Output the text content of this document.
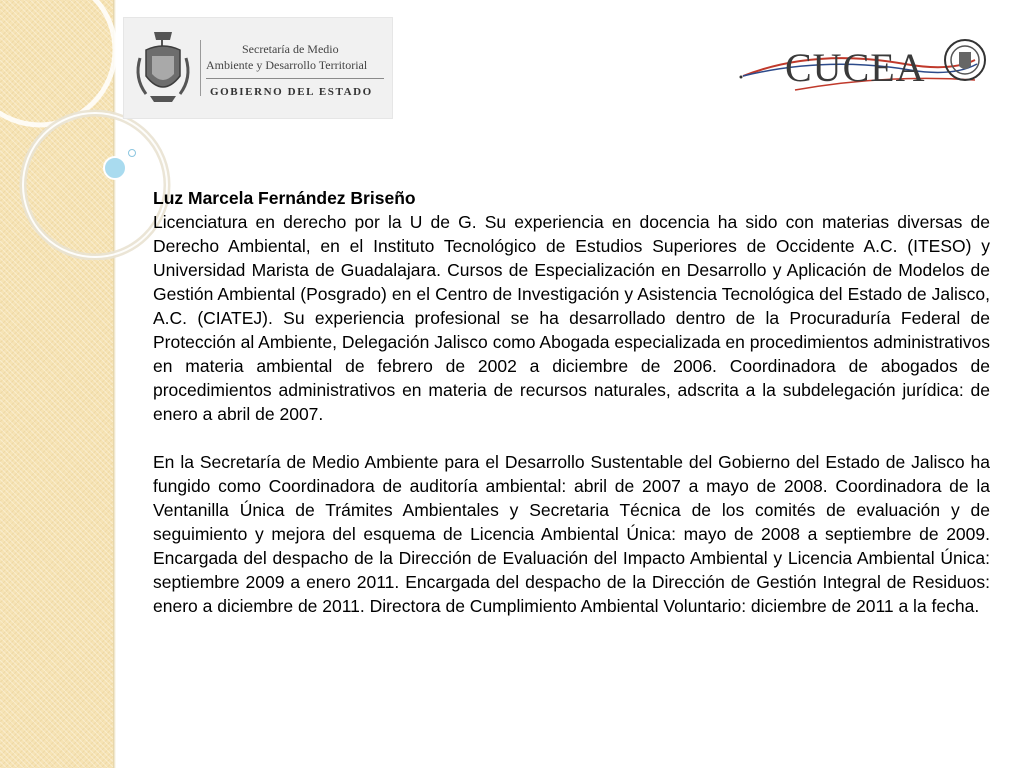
Secretaría de Medio
Ambiente y Desarrollo Territorial
GOBIERNO DEL ESTADO
CUCEA

Luz Marcela Fernández Briseño

Licenciatura en derecho por la U de G. Su experiencia en docencia ha sido con materias diversas de Derecho Ambiental, en el Instituto Tecnológico de Estudios Superiores de Occidente A.C. (ITESO) y Universidad Marista de Guadalajara. Cursos de Especialización en Desarrollo y Aplicación de Modelos de Gestión Ambiental (Posgrado) en el Centro de Investigación y Asistencia Tecnológica del Estado de Jalisco, A.C. (CIATEJ). Su experiencia profesional se ha desarrollado dentro de la Procuraduría Federal de Protección al Ambiente, Delegación Jalisco como Abogada especializada en procedimientos administrativos en materia ambiental de febrero de 2002 a diciembre de 2006. Coordinadora de abogados de procedimientos administrativos en materia de recursos naturales, adscrita a la subdelegación jurídica: de enero a abril de 2007.

En la Secretaría de Medio Ambiente para el Desarrollo Sustentable del Gobierno del Estado de Jalisco ha fungido como Coordinadora de auditoría ambiental: abril de 2007 a mayo de 2008. Coordinadora de la Ventanilla Única de Trámites Ambientales y Secretaria Técnica de los comités de evaluación y de seguimiento y mejora del esquema de Licencia Ambiental Única: mayo de 2008 a septiembre de 2009. Encargada del despacho de la Dirección de Evaluación del Impacto Ambiental y Licencia Ambiental Única: septiembre 2009 a enero 2011. Encargada del despacho de la Dirección de Gestión Integral de Residuos: enero a diciembre de 2011. Directora de Cumplimiento Ambiental Voluntario: diciembre de 2011 a la fecha.
